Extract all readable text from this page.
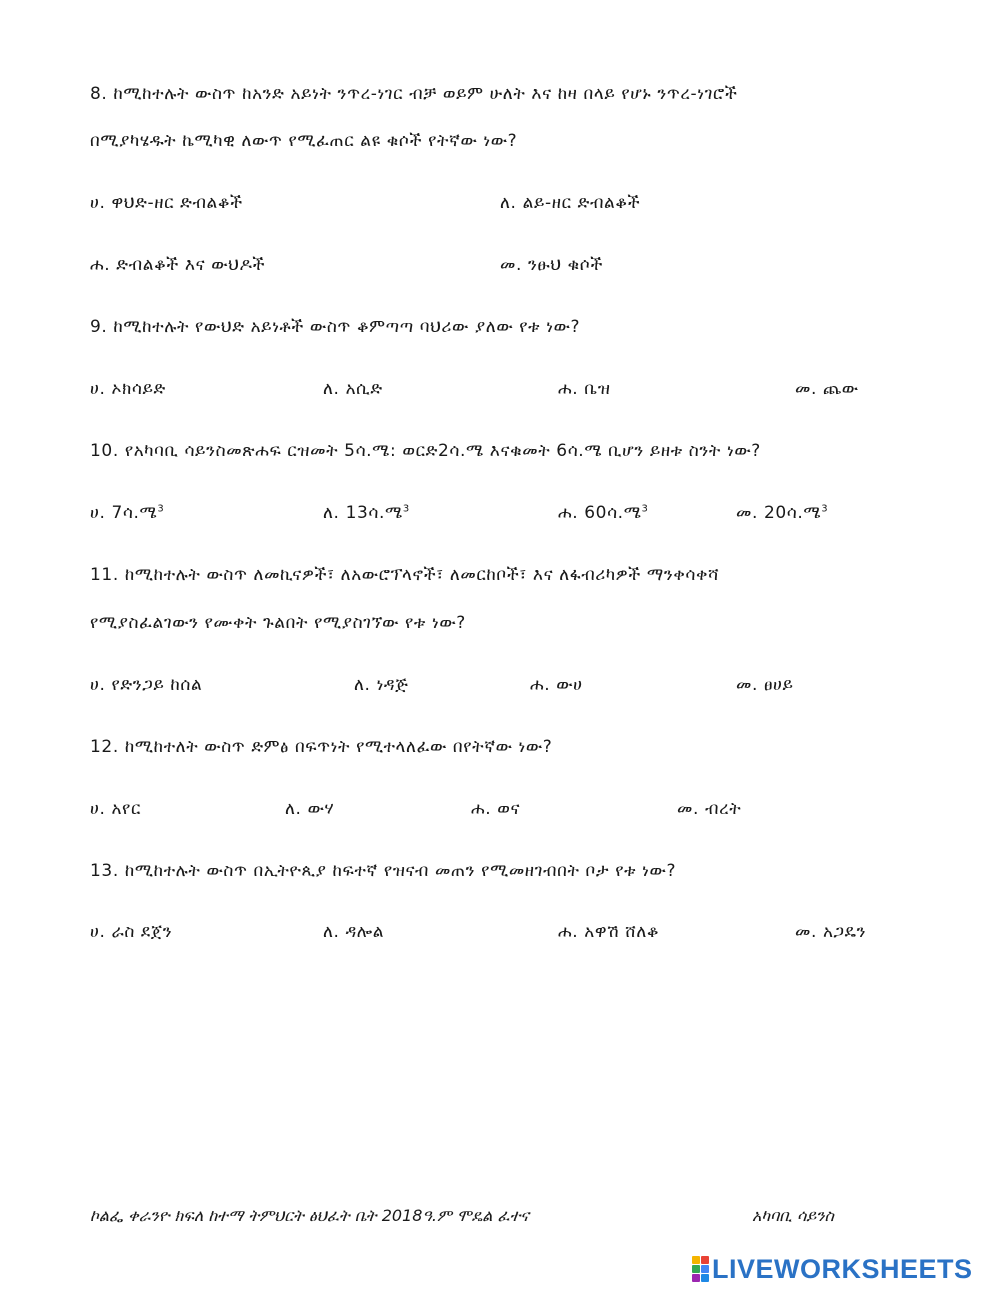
8. ከሚከተሉት ውስጥ ከአንድ አይነት ንጥረ-ነገር ብቻ ወይም ሁለት እና ከዛ በላይ የሆኑ ንጥረ-ነገሮች
በሚያካሄዱት ኬሚካዊ ለውጥ የሚፈጠር ልዩ ቁሶች የትኛው ነው?
ሀ. ዋህድ-ዘር ድብልቆች	ለ. ልይ-ዘር ድብልቆች
ሐ. ድብልቆች እና ውህዶች	መ. ንፁህ ቁሶች
9. ከሚከተሉት የውህድ አይነቶች ውስጥ ቆምጣጣ ባህሪው ያለው የቱ ነው?
ሀ. ኦክሳይድ	ለ. አሲድ	ሐ. ቤዝ	መ. ጨው
10. የአካባቢ ሳይንስመጽሐፍ ርዝመት 5ሳ.ሜ: ወርድ2ሳ.ሜ እናቁመት 6ሳ.ሜ ቢሆን ይዘቱ ስንት ነው?
ሀ. 7ሳ.ሜ$^3$	ለ. 13ሳ.ሜ$^3$	ሐ. 60ሳ.ሜ$^3$	መ. 20ሳ.ሜ$^3$
11. ከሚከተሉት ውስጥ ለመኪናዎች፣ ለአውሮፕላኖች፣ ለመርከቦች፣ እና ለፋብሪካዎች ማንቀሳቀሻ
የሚያስፈልገውን የሙቀት ጉልበት የሚያስገኘው የቱ ነው?
ሀ. የድንጋይ ከሰል	ለ. ነዳጅ	ሐ. ውሀ	መ. ፀሀይ
12. ከሚከተለት ውስጥ ድምፅ በፍጥነት የሚተላለፈው በየትኛው ነው?
ሀ. አየር	ለ. ውሃ	ሐ. ወና	መ. ብረት
13. ከሚከተሉት ውስጥ በኢትዮጲያ ከፍተኛ የዝናብ መጠን የሚመዘገብበት ቦታ የቱ ነው?
ሀ. ራስ ደጀን	ለ. ዳሎል	ሐ. አዋሽ ሸለቆ	መ. አጋዴን
ኮልፌ ቀራንዮ ክፍለ ከተማ ትምህርት ፅህፈት ቤት 2018ዓ.ም ሞዴል ፈተና	አካባቢ ሳይንስ
LIVEWORKSHEETS
